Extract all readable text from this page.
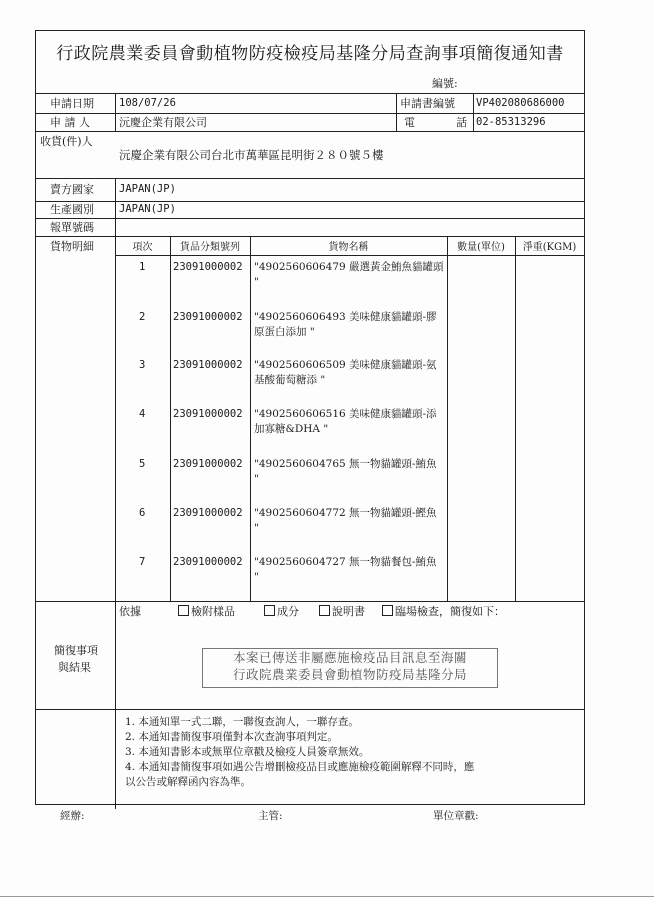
行政院農業委員會動植物防疫檢疫局基隆分局查詢事項簡復通知書
編號:
申請日期 108/07/26	申請書編號 VP402080686000
申 請 人	沅慶企業有限公司	電	話 02-85313296
收貨(件)人
沅慶企業有限公司台北市萬華區昆明街２８０號５樓
賣方國家 JAPAN(JP)
生產國別 JAPAN(JP)
報單號碼
貨物明細	項次	貨品分類號列	貨物名稱	數量(單位)	淨重(KGM)
1	23091000002 "4902560606479 嚴選黃金鮪魚貓罐頭 "
2	23091000002 "4902560606493 美味健康貓罐頭-膠原蛋白添加 "
3	23091000002 "4902560606509 美味健康貓罐頭-氨基酸葡萄糖添 "
4	23091000002 "4902560606516 美味健康貓罐頭-添加寡糖&DHA "
5	23091000002 "4902560604765 無一物貓罐頭-鮪魚 "
6	23091000002 "4902560604772 無一物貓罐頭-鰹魚 "
7	23091000002 "4902560604727 無一物貓餐包-鮪魚 "
簡復事項
與結果
依據	檢附樣品	成分	說明書	臨場檢查，簡復如下：
本案已傳送非屬應施檢疫品目訊息至海關
行政院農業委員會動植物防疫局基隆分局
1. 本通知單一式二聯，一聯復查詢人，一聯存查。
2. 本通知書簡復事項僅對本次查詢事項判定。
3. 本通知書影本或無單位章戳及檢疫人員簽章無效。
4. 本通知書簡復事項如遇公告增刪檢疫品目或應施檢疫範圍解釋不同時，應
以公告或解釋函內容為準。
經辦:	主管:	單位章戳:
